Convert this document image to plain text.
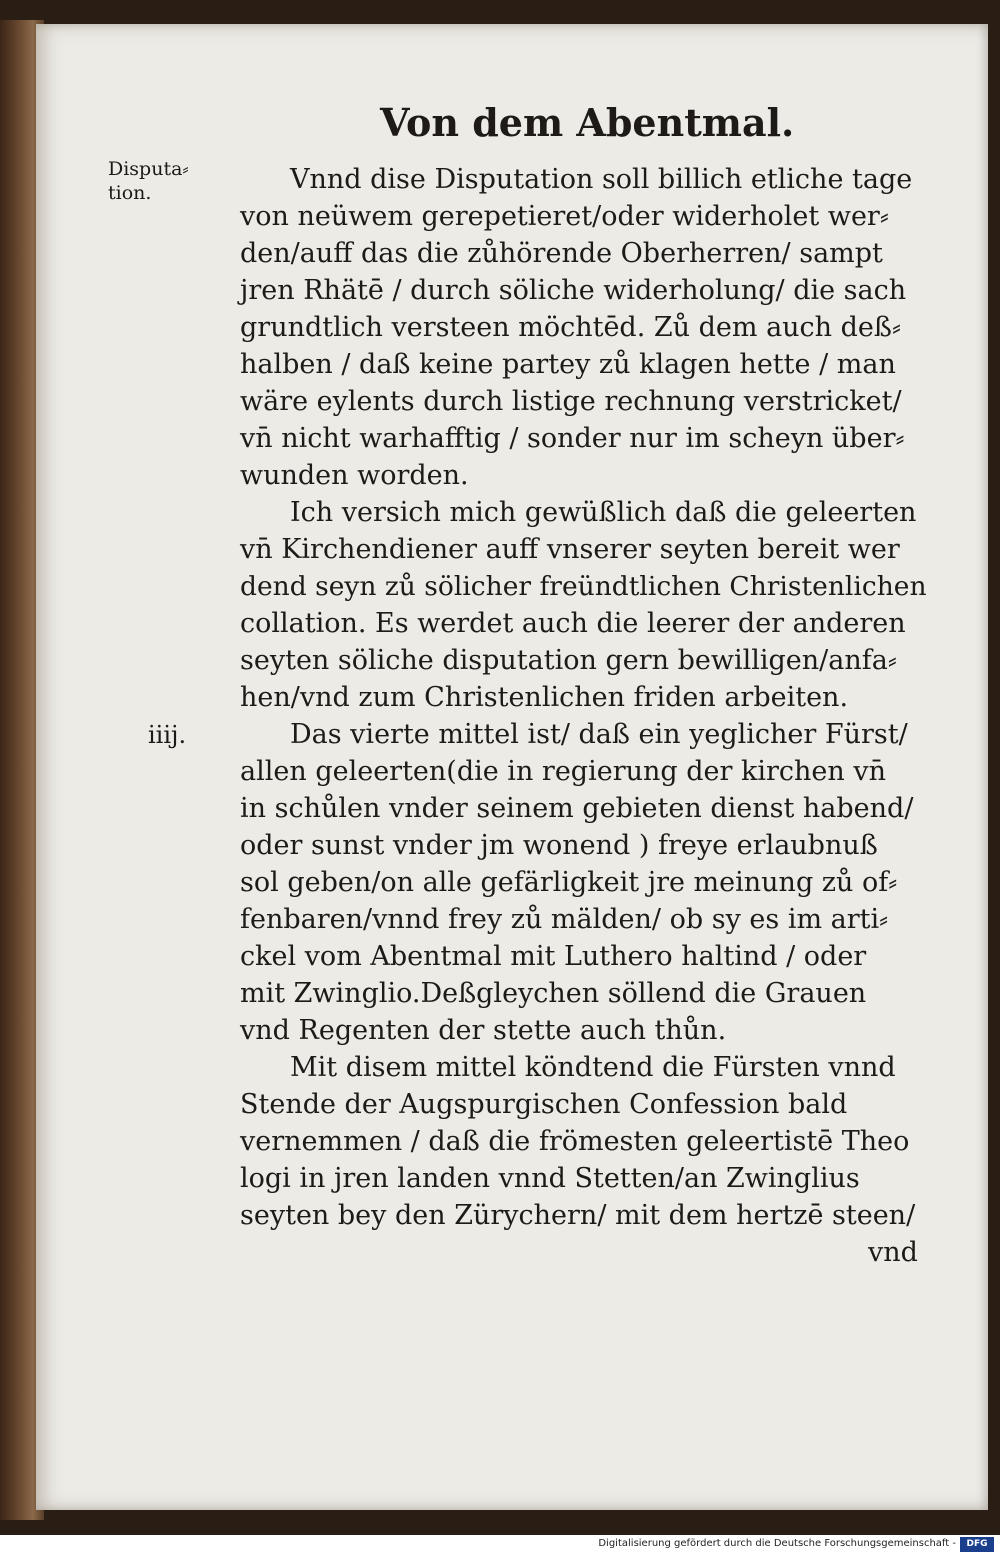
Von dem Abentmal.
Disputa⸗
tion.
iiij.
Vnnd dise Disputation soll billich etliche tage
von neüwem gerepetieret/oder widerholet wer⸗
den/auff das die zůhörende Oberherren/ sampt
jren Rhätē / durch söliche widerholung/ die sach
grundtlich versteen möchtēd. Zů dem auch deß⸗
halben / daß keine partey zů klagen hette / man
wäre eylents durch listige rechnung verstricket/
vn̄ nicht warhafftig / sonder nur im scheyn über⸗
wunden worden.
Ich versich mich gewüßlich daß die geleerten
vn̄ Kirchendiener auff vnserer seyten bereit wer
dend seyn zů sölicher freündtlichen Christenlichen
collation. Es werdet auch die leerer der anderen
seyten söliche disputation gern bewilligen/anfa⸗
hen/vnd zum Christenlichen friden arbeiten.
Das vierte mittel ist/ daß ein yeglicher Fürst/
allen geleerten(die in regierung der kirchen vn̄
in schůlen vnder seinem gebieten dienst habend/
oder sunst vnder jm wonend ) freye erlaubnuß
sol geben/on alle gefärligkeit jre meinung zů of⸗
fenbaren/vnnd frey zů mälden/ ob sy es im arti⸗
ckel vom Abentmal mit Luthero haltind / oder
mit Zwinglio.Deßgleychen söllend die Grauen
vnd Regenten der stette auch thůn.
Mit disem mittel köndtend die Fürsten vnnd
Stende der Augspurgischen Confession bald
vernemmen / daß die frömesten geleertistē Theo
logi in jren landen vnnd Stetten/an Zwinglius
seyten bey den Zürychern/ mit dem hertzē steen/
vnd
Digitalisierung gefördert durch die Deutsche Forschungsgemeinschaft -	DFG
